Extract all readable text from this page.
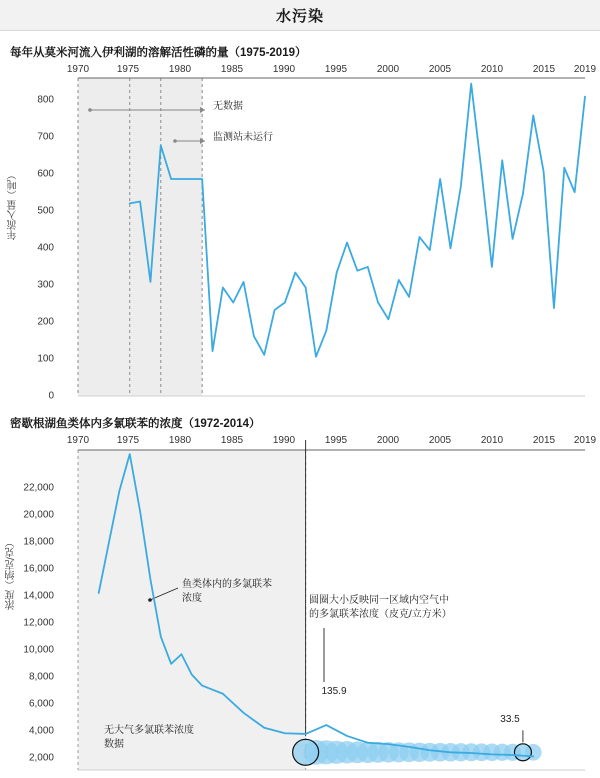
水污染
每年从莫米河流入伊利湖的溶解活性磷的量（1975-2019）
年流入量（吨）
1970	1975	1980	1985	1990	1995	2000	2005	2010	2015 2019
0
100
200
300
400
500
600
700
800
无数据
监测站未运行
密歇根湖鱼类体内多氯联苯的浓度（1972-2014）
浓度（纳克/克）
1970	1975	1980	1985	1990	1995	2000	2005	2010	2015 2019
2,000
4,000
6,000
8,000
10,000
12,000
14,000
16,000
18,000
20,000
22,000
鱼类体内的多氯联苯
浓度	圆圈大小反映同一区域内空气中
的多氯联苯浓度（皮克/立方米）
无大气多氯联苯浓度
数据
135.9
33.5
